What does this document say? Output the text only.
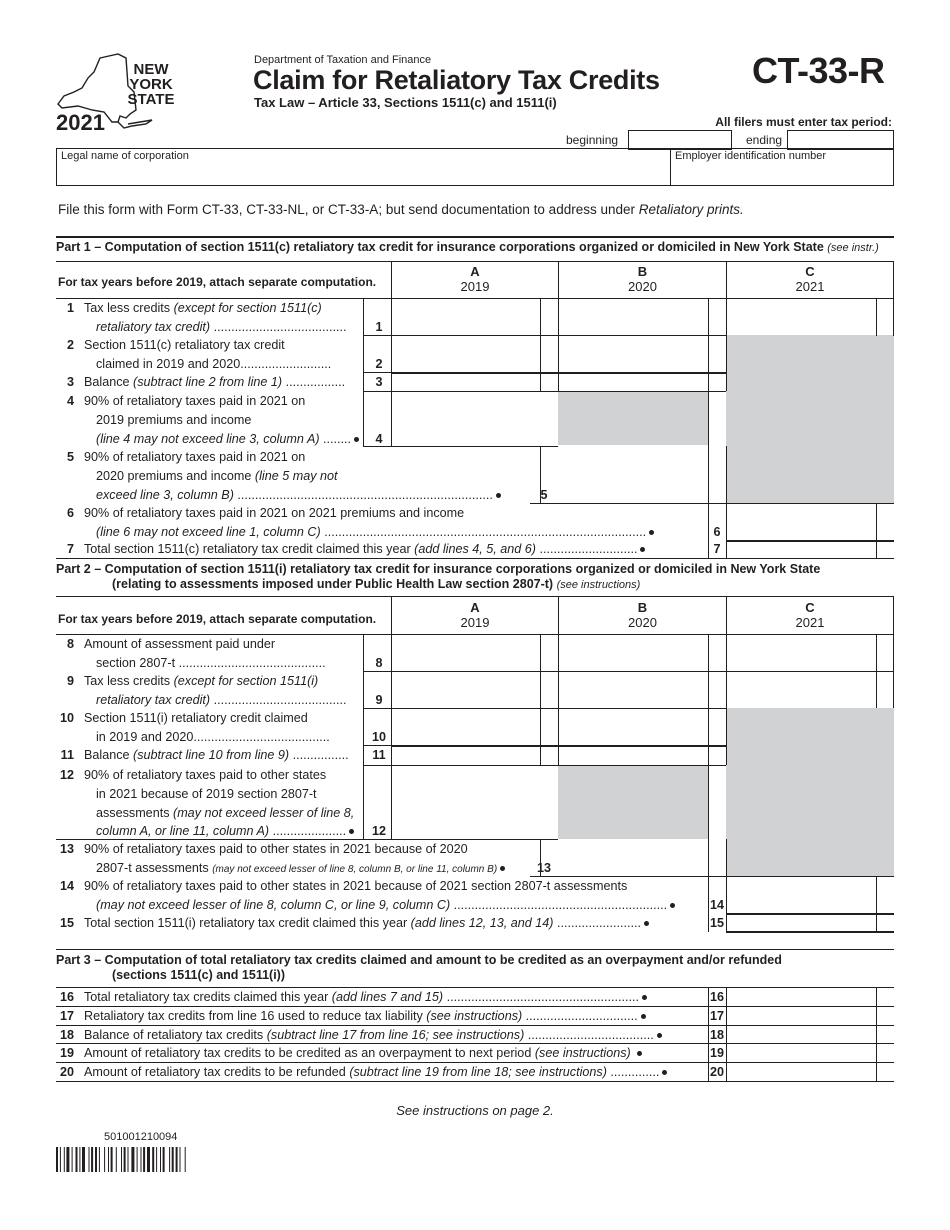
NEW
YORK
STATE
2021
Department of Taxation and Finance
Claim for Retaliatory Tax Credits
Tax Law – Article 33, Sections 1511(c) and 1511(i)
CT-33-R
All filers must enter tax period:
beginning	ending
Legal name of corporation	Employer identification number
File this form with Form CT-33, CT-33-NL, or CT-33-A; but send documentation to address under Retaliatory prints.
Part 1 – Computation of section 1511(c) retaliatory tax credit for insurance corporations organized or domiciled in New York State (see instr.)
For tax years before 2019, attach separate computation.
A
2019
B
2020
C
2021
1 Tax less credits (except for section 1511(c)
retaliatory tax credit) ......................................	1
2 Section 1511(c) retaliatory tax credit
claimed in 2019 and 2020..........................	2
3 Balance (subtract line 2 from line 1) .................	3
4 90% of retaliatory taxes paid in 2021 on
2019 premiums and income
(line 4 may not exceed line 3, column A) ........	4
5 90% of retaliatory taxes paid in 2021 on
2020 premiums and income (line 5 may not
exceed line 3, column B) .........................................................................	5
6 90% of retaliatory taxes paid in 2021 on 2021 premiums and income
(line 6 may not exceed line 1, column C) ............................................................................................	6
7 Total section 1511(c) retaliatory tax credit claimed this year (add lines 4, 5, and 6) ............................	7
Part 2 – Computation of section 1511(i) retaliatory tax credit for insurance corporations organized or domiciled in New York State
(relating to assessments imposed under Public Health Law section 2807-t) (see instructions)
For tax years before 2019, attach separate computation.
A
2019
B
2020
C
2021
8 Amount of assessment paid under
section 2807-t ..........................................	8
9 Tax less credits (except for section 1511(i)
retaliatory tax credit) ......................................	9
10 Section 1511(i) retaliatory credit claimed
in 2019 and 2020.......................................	10
11 Balance (subtract line 10 from line 9) ................	11
12 90% of retaliatory taxes paid to other states
in 2021 because of 2019 section 2807-t
assessments (may not exceed lesser of line 8,
column A, or line 11, column A) .....................	12
13 90% of retaliatory taxes paid to other states in 2021 because of 2020
2807-t assessments (may not exceed lesser of line 8, column B, or line 11, column B)	13
14 90% of retaliatory taxes paid to other states in 2021 because of 2021 section 2807-t assessments
(may not exceed lesser of line 8, column C, or line 9, column C) .............................................................	14
15 Total section 1511(i) retaliatory tax credit claimed this year (add lines 12, 13, and 14) ........................	15
Part 3 – Computation of total retaliatory tax credits claimed and amount to be credited as an overpayment and/or refunded
(sections 1511(c) and 1511(i))
16 Total retaliatory tax credits claimed this year (add lines 7 and 15) .......................................................	16
17 Retaliatory tax credits from line 16 used to reduce tax liability (see instructions) ................................	17
18 Balance of retaliatory tax credits (subtract line 17 from line 16; see instructions) ....................................	18
19 Amount of retaliatory tax credits to be credited as an overpayment to next period (see instructions)	19
20 Amount of retaliatory tax credits to be refunded (subtract line 19 from line 18; see instructions) ..............	20
See instructions on page 2.
501001210094
